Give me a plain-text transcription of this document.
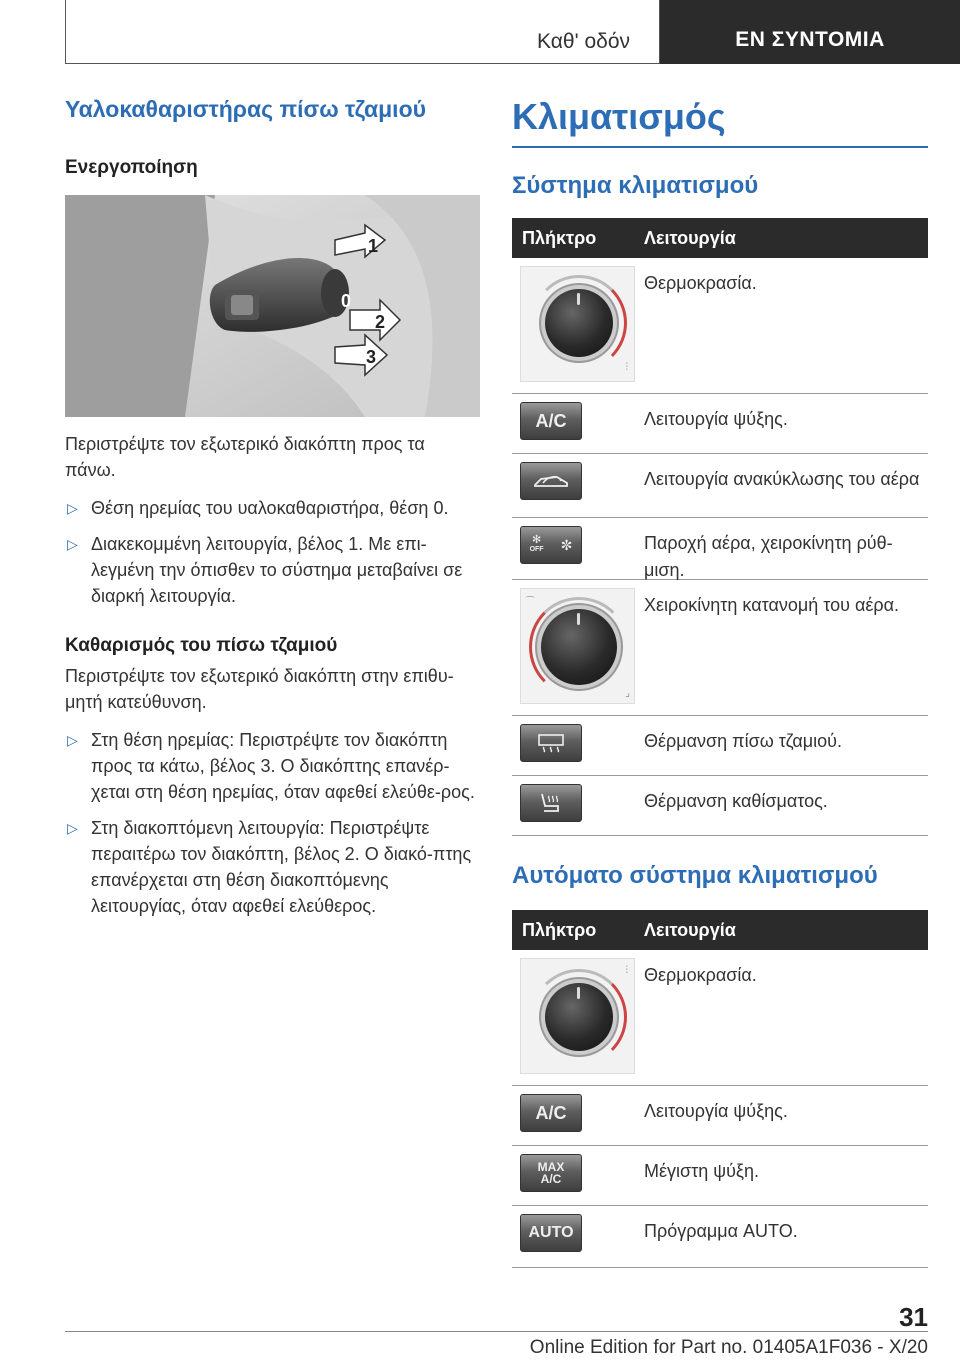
Καθ' οδόν	ΕΝ ΣΥΝΤΟΜΙΑ
Υαλοκαθαριστήρας πίσω τζαμιού
Ενεργοποίηση
1
0
2
3
Περιστρέψτε τον εξωτερικό διακόπτη προς τα πάνω.
▷ Θέση ηρεμίας του υαλοκαθαριστήρα, θέση 0.
▷ Διακεκομμένη λειτουργία, βέλος 1. Με επι-λεγμένη την όπισθεν το σύστημα μεταβαίνει σε διαρκή λειτουργία.
Καθαρισμός του πίσω τζαμιού
Περιστρέψτε τον εξωτερικό διακόπτη στην επιθυ-μητή κατεύθυνση.
▷ Στη θέση ηρεμίας: Περιστρέψτε τον διακόπτη προς τα κάτω, βέλος 3. Ο διακόπτης επανέρ-χεται στη θέση ηρεμίας, όταν αφεθεί ελεύθε-ρος.
▷ Στη διακοπτόμενη λειτουργία: Περιστρέψτε περαιτέρω τον διακόπτη, βέλος 2. Ο διακό-πτης επανέρχεται στη θέση διακοπτόμενης λειτουργίας, όταν αφεθεί ελεύθερος.
Κλιματισμός
Σύστημα κλιματισμού
Πλήκτρο	Λειτουργία
⫶
Θερμοκρασία.
A/C	Λειτουργία ψύξης.
Λειτουργία ανακύκλωσης του αέρα
✻
OFF ✼	Παροχή αέρα, χειροκίνητη ρύθ-μιση.
⌒
⌟
Χειροκίνητη κατανομή του αέρα.
Θέρμανση πίσω τζαμιού.
Θέρμανση καθίσματος.
Αυτόματο σύστημα κλιματισμού
Πλήκτρο	Λειτουργία
⫶ Θερμοκρασία.
A/C	Λειτουργία ψύξης.
MAX
A/C	Μέγιστη ψύξη.
AUTO	Πρόγραμμα AUTO.
31
Online Edition for Part no. 01405A1F036 - X/20
